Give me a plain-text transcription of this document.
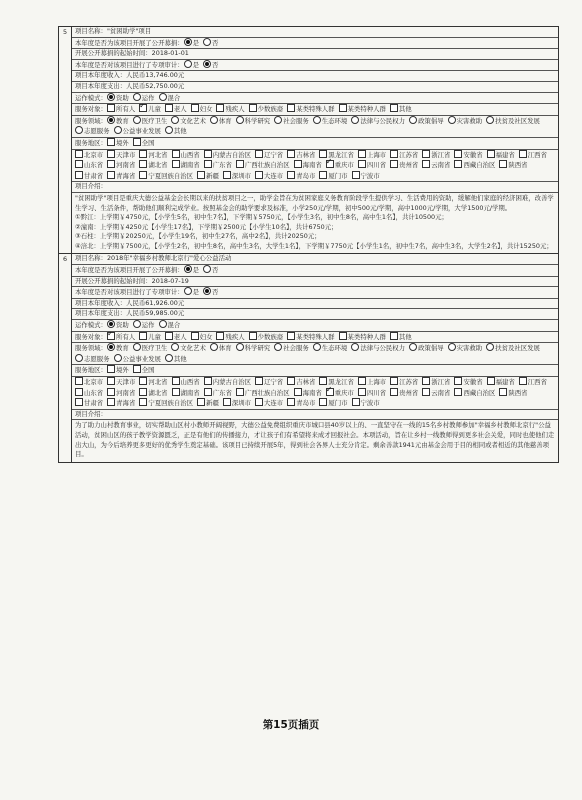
5	项目名称："贫困助学"项目
本年度是否为该项目开展了公开募捐： 是 否
开展公开募捐的起始时间：2018-01-01
本年度是否对该项目进行了专项审计： 是 否
项目本年度收入：人民币13,746.00元
项目本年度支出：人民币52,750.00元
运作模式： 资助 运作 混合
服务对象： 所有人 ✓ 儿童 老人 妇女 残疾人 少数族裔 某类特殊人群 某类特种人群 其他
服务领域： 教育 医疗卫生 文化艺术 体育 科学研究 社会服务 生态环境 法律与公民权力 政策倡导 灾害救助 扶贫及社区发展志愿服务 公益事业发展 其他
服务地区： 境外 全国
北京市 天津市 河北省 山西省 内蒙古自治区 辽宁省 吉林省 黑龙江省 上海市 江苏省 浙江省 安徽省 福建省 江西省山东省 河南省 湖北省 湖南省 广东省 广西壮族自治区 海南省 ✓ 重庆市 四川省 贵州省 云南省 西藏自治区 陕西省甘肃省 青海省 宁夏回族自治区 新疆 深圳市 大连市 青岛市 厦门市 宁波市
项目介绍：

"贫困助学"项目是重庆大德公益基金会长期以来的扶贫项目之一，助学金旨在为贫困家庭义务教育阶段学生提供学习、生活费用的资助，缓解他们家庭的经济困难，改善学生学习、生活条件，帮助他们顺利完成学业。按照基金会的助学要求及标准，小学250元/学期，初中500元/学期，高中1000元/学期，大学1500元/学期。

①黔江：上学期￥4750元，【小学生5名，初中生7名】，下学期￥5750元，【小学生3名，初中生8名，高中生1名】，共计10500元；

②潼南：上学期￥4250元【小学生17名】，下学期￥2500元【小学生10名】，共计6750元；

③石柱：上学期￥20250元，【小学生19名，初中生27名，高中2名】，共计20250元；

④涪北：上学期￥7500元，【小学生2名，初中生8名，高中生3名，大学生1名】，下学期￥7750元【小学生1名，初中生7名，高中生3名，大学生2名】，共计15250元；

6	项目名称：2018年"幸福乡村教师北京行"爱心公益活动
本年度是否为该项目开展了公开募捐： 是 否
开展公开募捐的起始时间：2018-07-19
本年度是否对该项目进行了专项审计： 是 否
项目本年度收入：人民币61,926.00元
项目本年度支出：人民币59,985.00元
运作模式： 资助 运作 混合
服务对象： ✓ 所有人 儿童 老人 妇女 残疾人 少数族裔 某类特殊人群 某类特种人群 其他
服务领域： 教育 医疗卫生 文化艺术 体育 科学研究 社会服务 生态环境 法律与公民权力 政策倡导 灾害救助 扶贫及社区发展志愿服务 公益事业发展 其他
服务地区： 境外 全国
北京市 天津市 河北省 山西省 内蒙古自治区 辽宁省 吉林省 黑龙江省 上海市 江苏省 浙江省 安徽省 福建省 江西省山东省 河南省 湖北省 湖南省 广东省 广西壮族自治区 海南省 ✓ 重庆市 四川省 贵州省 云南省 西藏自治区 陕西省甘肃省 青海省 宁夏回族自治区 新疆 深圳市 大连市 青岛市 厦门市 宁波市
项目介绍：

为了助力山村教育事业，切实帮助山区村小教师开阔视野，大德公益免费组织重庆市城口县40岁以上的、一直坚守在一线的15名乡村教师参加"幸福乡村教师北京行"公益活动，贫困山区的孩子教学资源匮乏，正是有他们的传播接力，才让孩子们有希望将来成才回报社会。本项活动，旨在让乡村一线教师得到更多社会关爱，同时也使他们走出大山，为今后培养更多更好的优秀学生奠定基础。该项目已持续开展5年，得到社会各界人士充分肯定。剩余善款1941元由基金会用于目的相同或者相近的其他慈善项目。

第15页插页
